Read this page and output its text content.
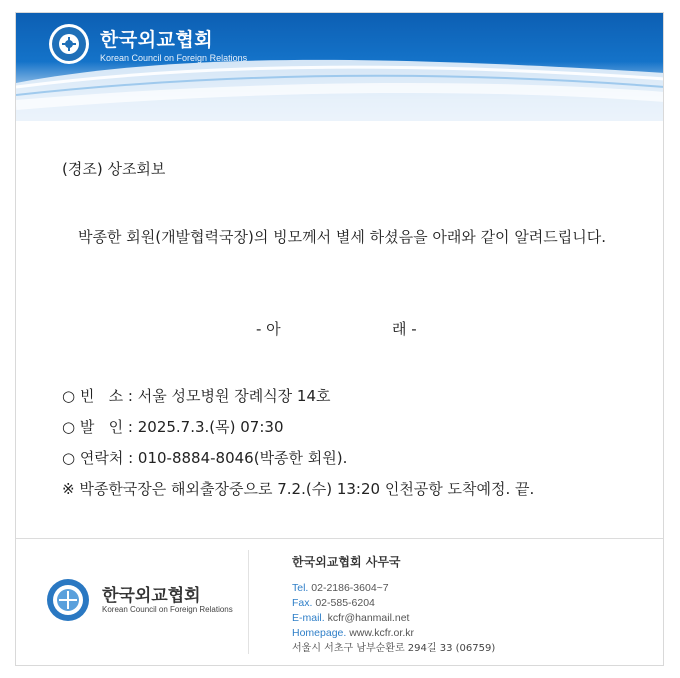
한국외교협회
Korean Council on Foreign Relations
(경조) 상조회보
박종한 회원(개발협력국장)의 빙모께서 별세 하셨음을 아래와 같이 알려드립니다.
- 아	래 -
○ 빈   소 : 서울 성모병원 장례식장 14호
○ 발   인 : 2025.7.3.(목) 07:30
○ 연락처 : 010-8884-8046(박종한 회원).
※ 박종한국장은 해외출장중으로 7.2.(수) 13:20 인천공항 도착예정. 끝.
한국외교협회
Korean Council on Foreign Relations
한국외교협회 사무국
Tel. 02-2186-3604~7
Fax. 02-585-6204
E-mail. kcfr@hanmail.net
Homepage. www.kcfr.or.kr
서울시 서초구 남부순환로 294길 33 (06759)
